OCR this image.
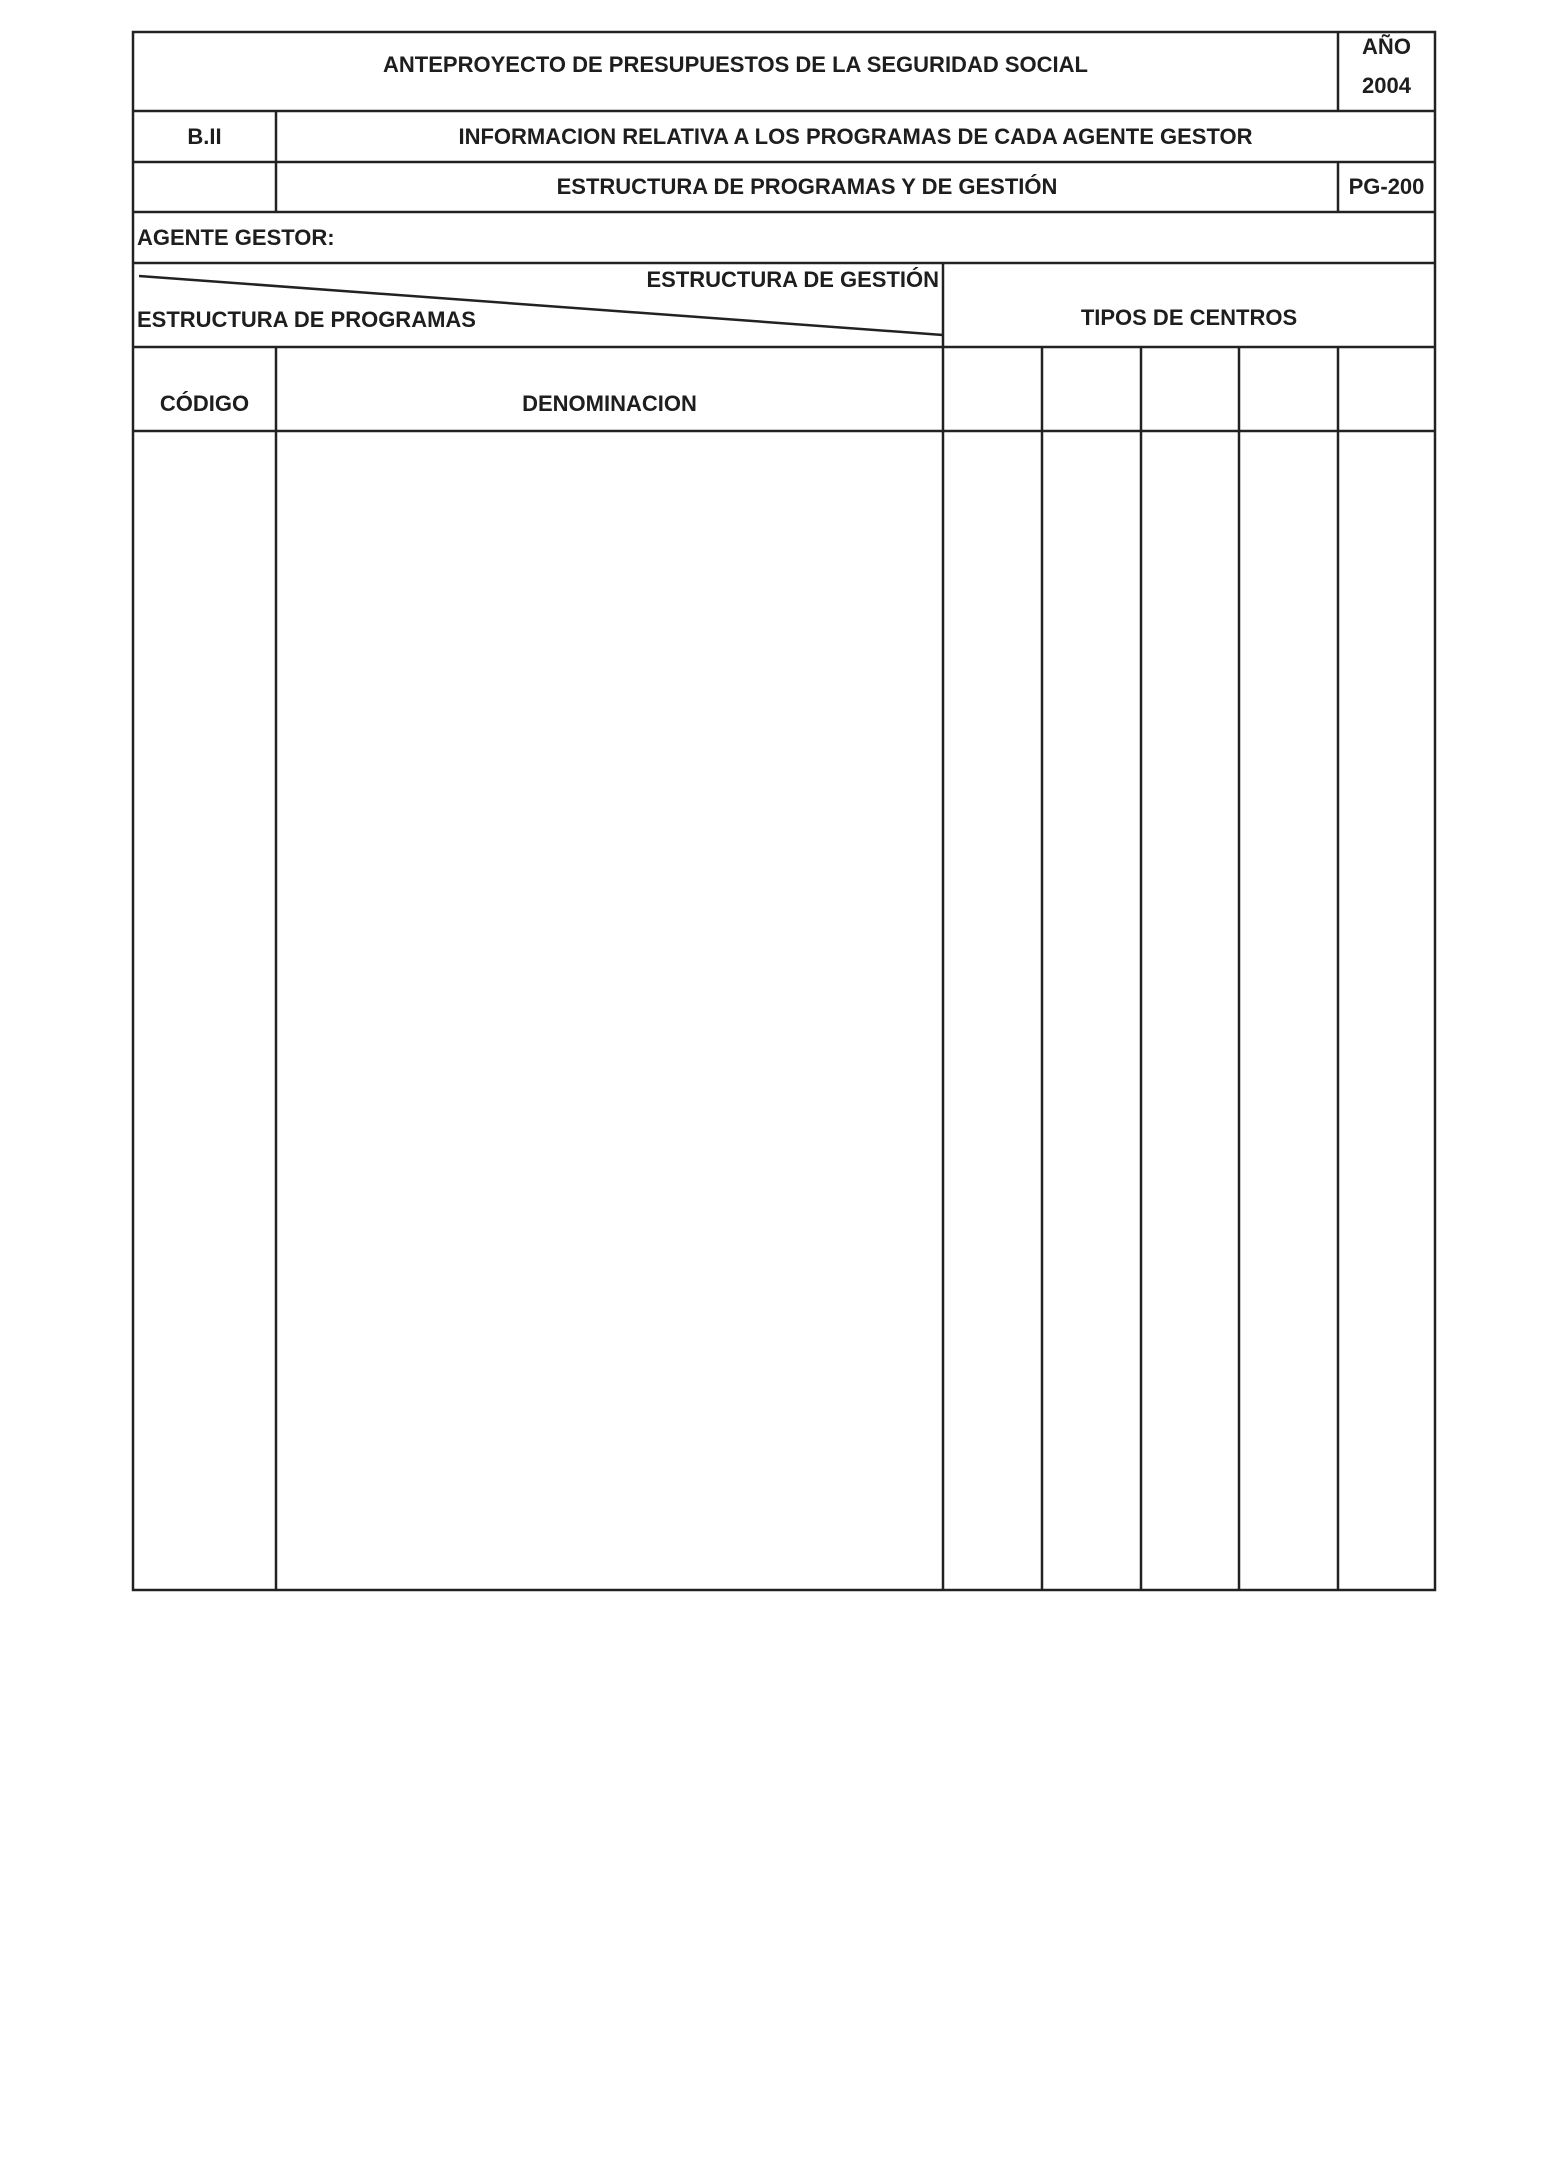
ANTEPROYECTO DE PRESUPUESTOS DE LA SEGURIDAD SOCIAL
AÑO
2004
B.II	INFORMACION RELATIVA A LOS PROGRAMAS DE CADA AGENTE GESTOR
ESTRUCTURA DE PROGRAMAS Y DE GESTIÓN	PG-200
AGENTE GESTOR:
ESTRUCTURA DE GESTIÓN
ESTRUCTURA DE PROGRAMAS	TIPOS DE CENTROS
CÓDIGO	DENOMINACION
